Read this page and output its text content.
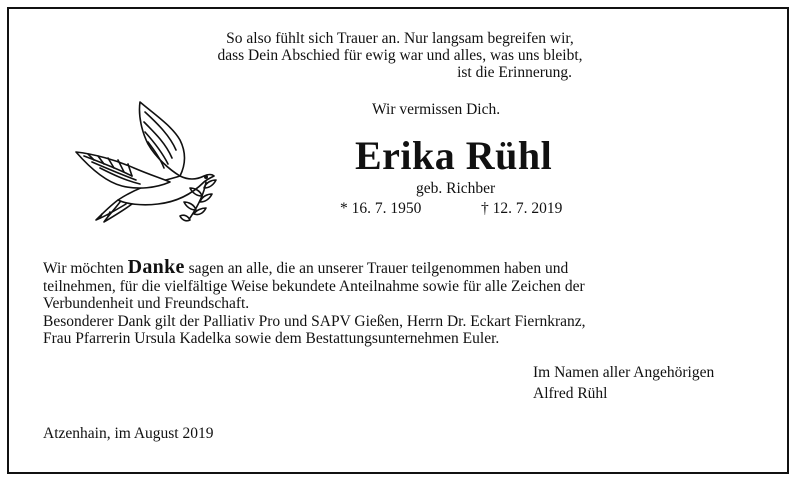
So also fühlt sich Trauer an. Nur langsam begreifen wir,
dass Dein Abschied für ewig war und alles, was uns bleibt,
ist die Erinnerung.
Wir vermissen Dich.
Erika Rühl
geb. Richber
* 16. 7. 1950	† 12. 7. 2019

Wir möchten Danke sagen an alle, die an unserer Trauer teilgenommen haben und

teilnehmen, für die vielfältige Weise bekundete Anteilnahme sowie für alle Zeichen der

Verbundenheit und Freundschaft.

Besonderer Dank gilt der Palliativ Pro und SAPV Gießen, Herrn Dr. Eckart Fiernkranz,

Frau Pfarrerin Ursula Kadelka sowie dem Bestattungsunternehmen Euler.

Im Namen aller Angehörigen
Alfred Rühl
Atzenhain, im August 2019
